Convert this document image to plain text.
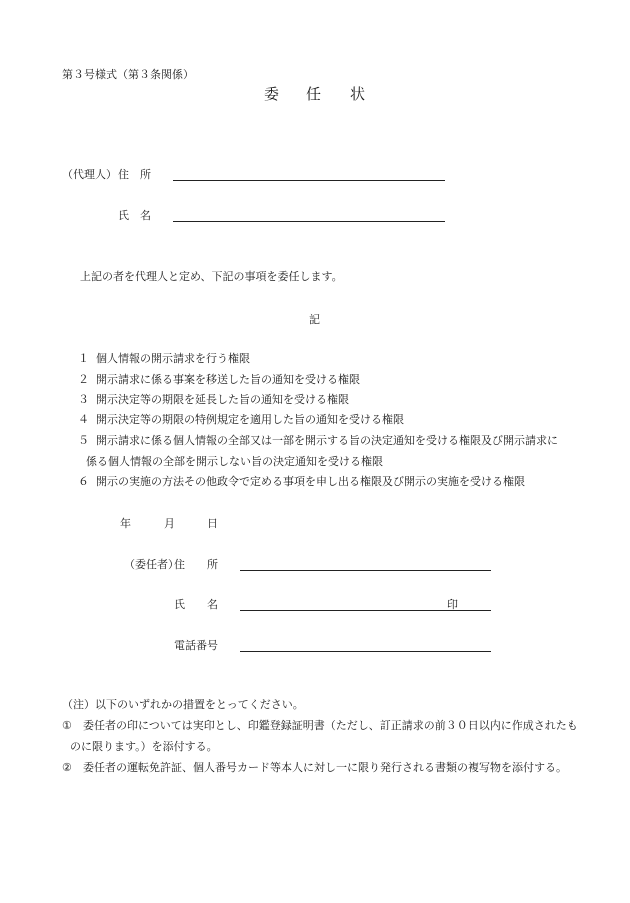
第３号様式（第３条関係）
委 任 状
（代理人） 住　所
氏　名
上記の者を代理人と定め、下記の事項を委任します。
記
１ 個人情報の開示請求を行う権限
２ 開示請求に係る事案を移送した旨の通知を受ける権限
３ 開示決定等の期限を延長した旨の通知を受ける権限
４ 開示決定等の期限の特例規定を適用した旨の通知を受ける権限
５ 開示請求に係る個人情報の全部又は一部を開示する旨の決定通知を受ける権限及び開示請求に
係る個人情報の全部を開示しない旨の決定通知を受ける権限
６ 開示の実施の方法その他政令で定める事項を申し出る権限及び開示の実施を受ける権限
年	月	日
（委任者）
住　　所
氏　　名	印
電話番号
（注）以下のいずれかの措置をとってください。
① 委任者の印については実印とし、印鑑登録証明書（ただし、訂正請求の前３０日以内に作成されたも
のに限ります。）を添付する。
② 委任者の運転免許証、個人番号カード等本人に対し一に限り発行される書類の複写物を添付する。
